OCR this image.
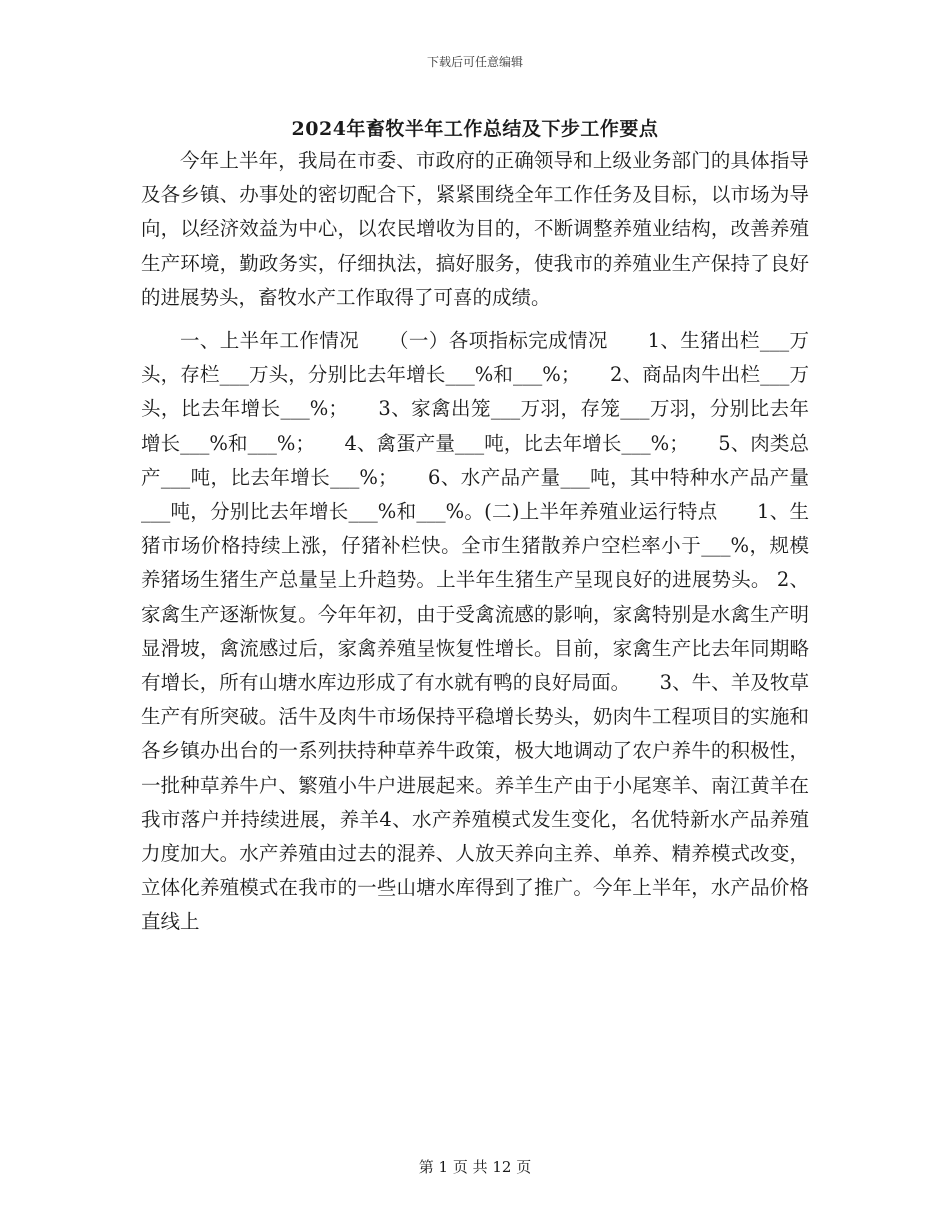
下载后可任意编辑
2024年畜牧半年工作总结及下步工作要点

今年上半年，我局在市委、市政府的正确领导和上级业务部门的具体指导及各乡镇、办事处的密切配合下，紧紧围绕全年工作任务及目标，以市场为导向，以经济效益为中心，以农民增收为目的，不断调整养殖业结构，改善养殖生产环境，勤政务实，仔细执法，搞好服务，使我市的养殖业生产保持了良好的进展势头，畜牧水产工作取得了可喜的成绩。

一、上半年工作情况　　（一）各项指标完成情况　　1、生猪出栏___万头，存栏___万头，分别比去年增长___%和___%；　　2、商品肉牛出栏___万头，比去年增长___%；　　3、家禽出笼___万羽，存笼___万羽，分别比去年增长___%和___%；　　4、禽蛋产量___吨，比去年增长___%；　　5、肉类总产___吨，比去年增长___%；　　6、水产品产量___吨，其中特种水产品产量___吨，分别比去年增长___%和___%。(二)上半年养殖业运行特点　　1、生猪市场价格持续上涨，仔猪补栏快。全市生猪散养户空栏率小于___%，规模养猪场生猪生产总量呈上升趋势。上半年生猪生产呈现良好的进展势头。 2、家禽生产逐渐恢复。今年年初，由于受禽流感的影响，家禽特别是水禽生产明显滑坡，禽流感过后，家禽养殖呈恢复性增长。目前，家禽生产比去年同期略有增长，所有山塘水库边形成了有水就有鸭的良好局面。　　3、牛、羊及牧草生产有所突破。活牛及肉牛市场保持平稳增长势头，奶肉牛工程项目的实施和各乡镇办出台的一系列扶持种草养牛政策，极大地调动了农户养牛的积极性，一批种草养牛户、繁殖小牛户进展起来。养羊生产由于小尾寒羊、南江黄羊在我市落户并持续进展，养羊4、水产养殖模式发生变化，名优特新水产品养殖力度加大。水产养殖由过去的混养、人放天养向主养、单养、精养模式改变，立体化养殖模式在我市的一些山塘水库得到了推广。今年上半年，水产品价格直线上

第 1 页 共 12 页
